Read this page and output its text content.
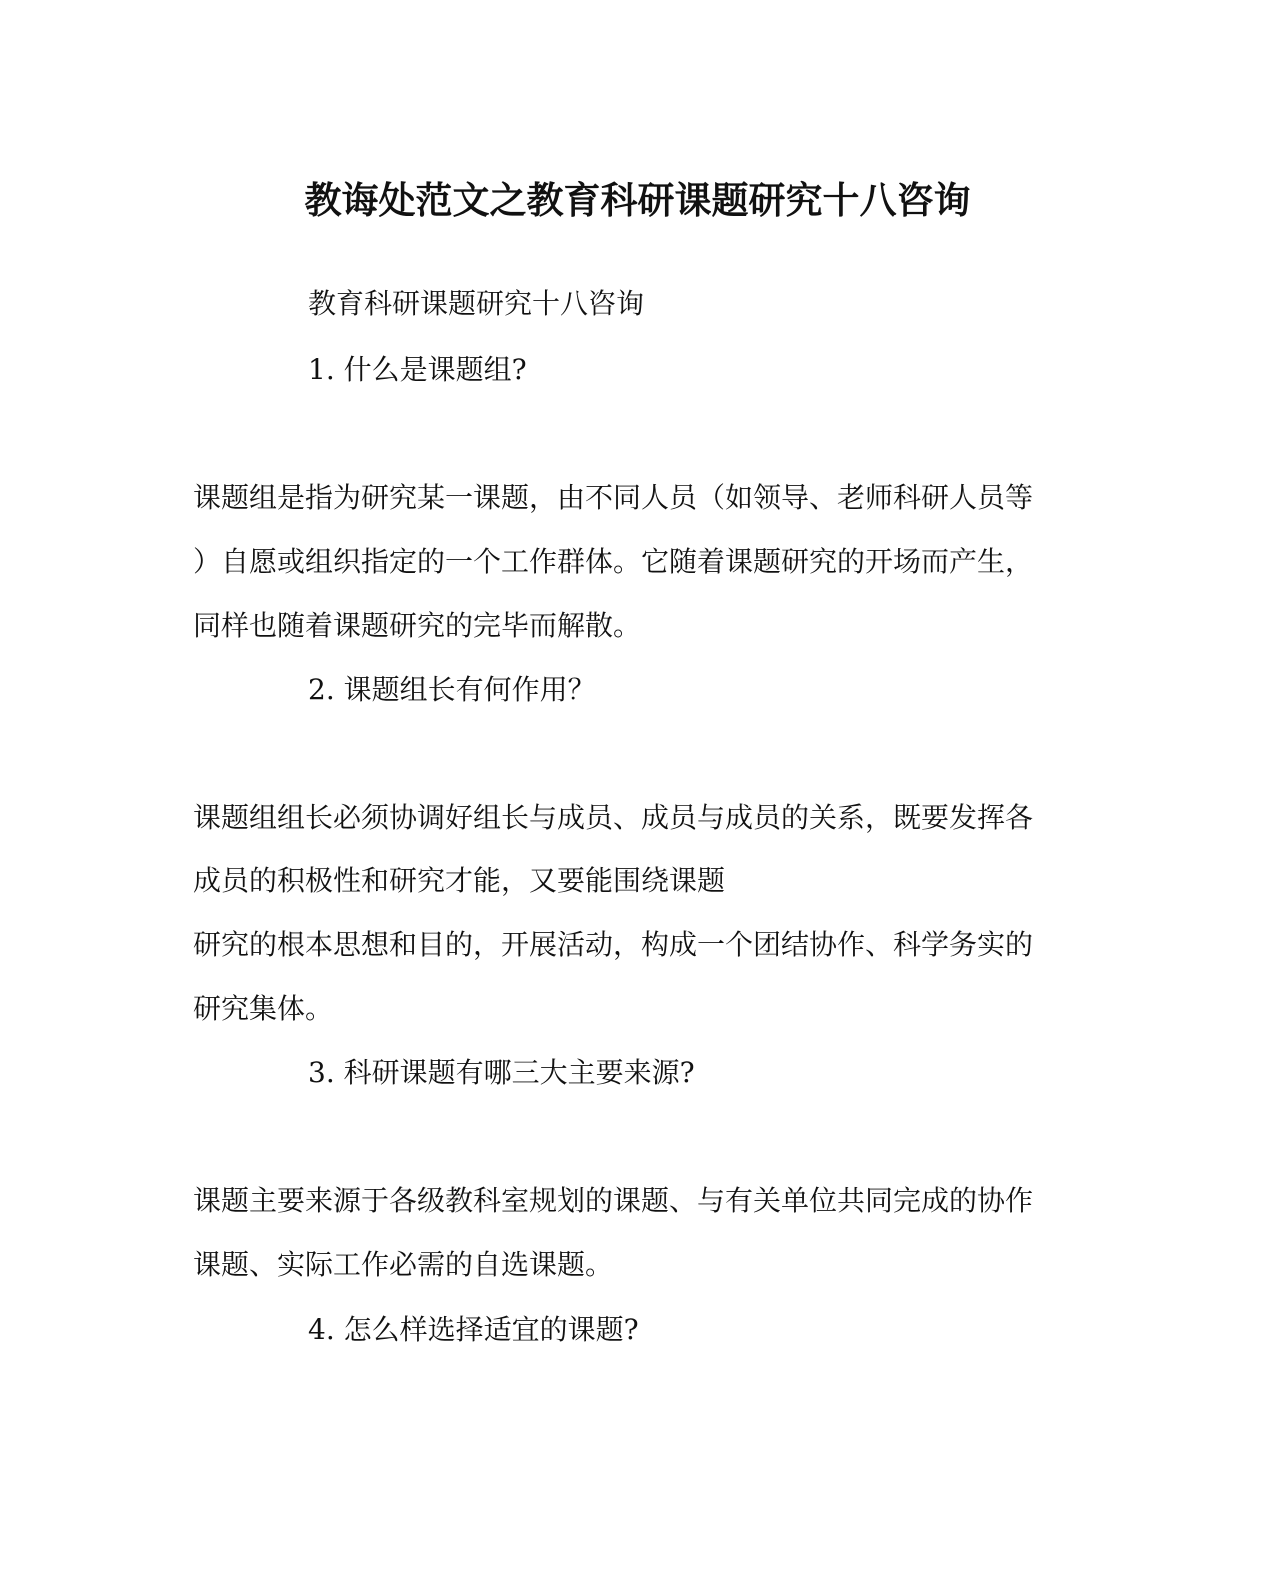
教诲处范文之教育科研课题研究十八咨询
教育科研课题研究十八咨询
1. 什么是课题组?
课题组是指为研究某一课题，由不同人员（如领导、老师科研人员等
）自愿或组织指定的一个工作群体。它随着课题研究的开场而产生，
同样也随着课题研究的完毕而解散。
2. 课题组长有何作用？
课题组组长必须协调好组长与成员、成员与成员的关系，既要发挥各
成员的积极性和研究才能，又要能围绕课题
研究的根本思想和目的，开展活动，构成一个团结协作、科学务实的
研究集体。
3. 科研课题有哪三大主要来源?
课题主要来源于各级教科室规划的课题、与有关单位共同完成的协作
课题、实际工作必需的自选课题。
4. 怎么样选择适宜的课题?
